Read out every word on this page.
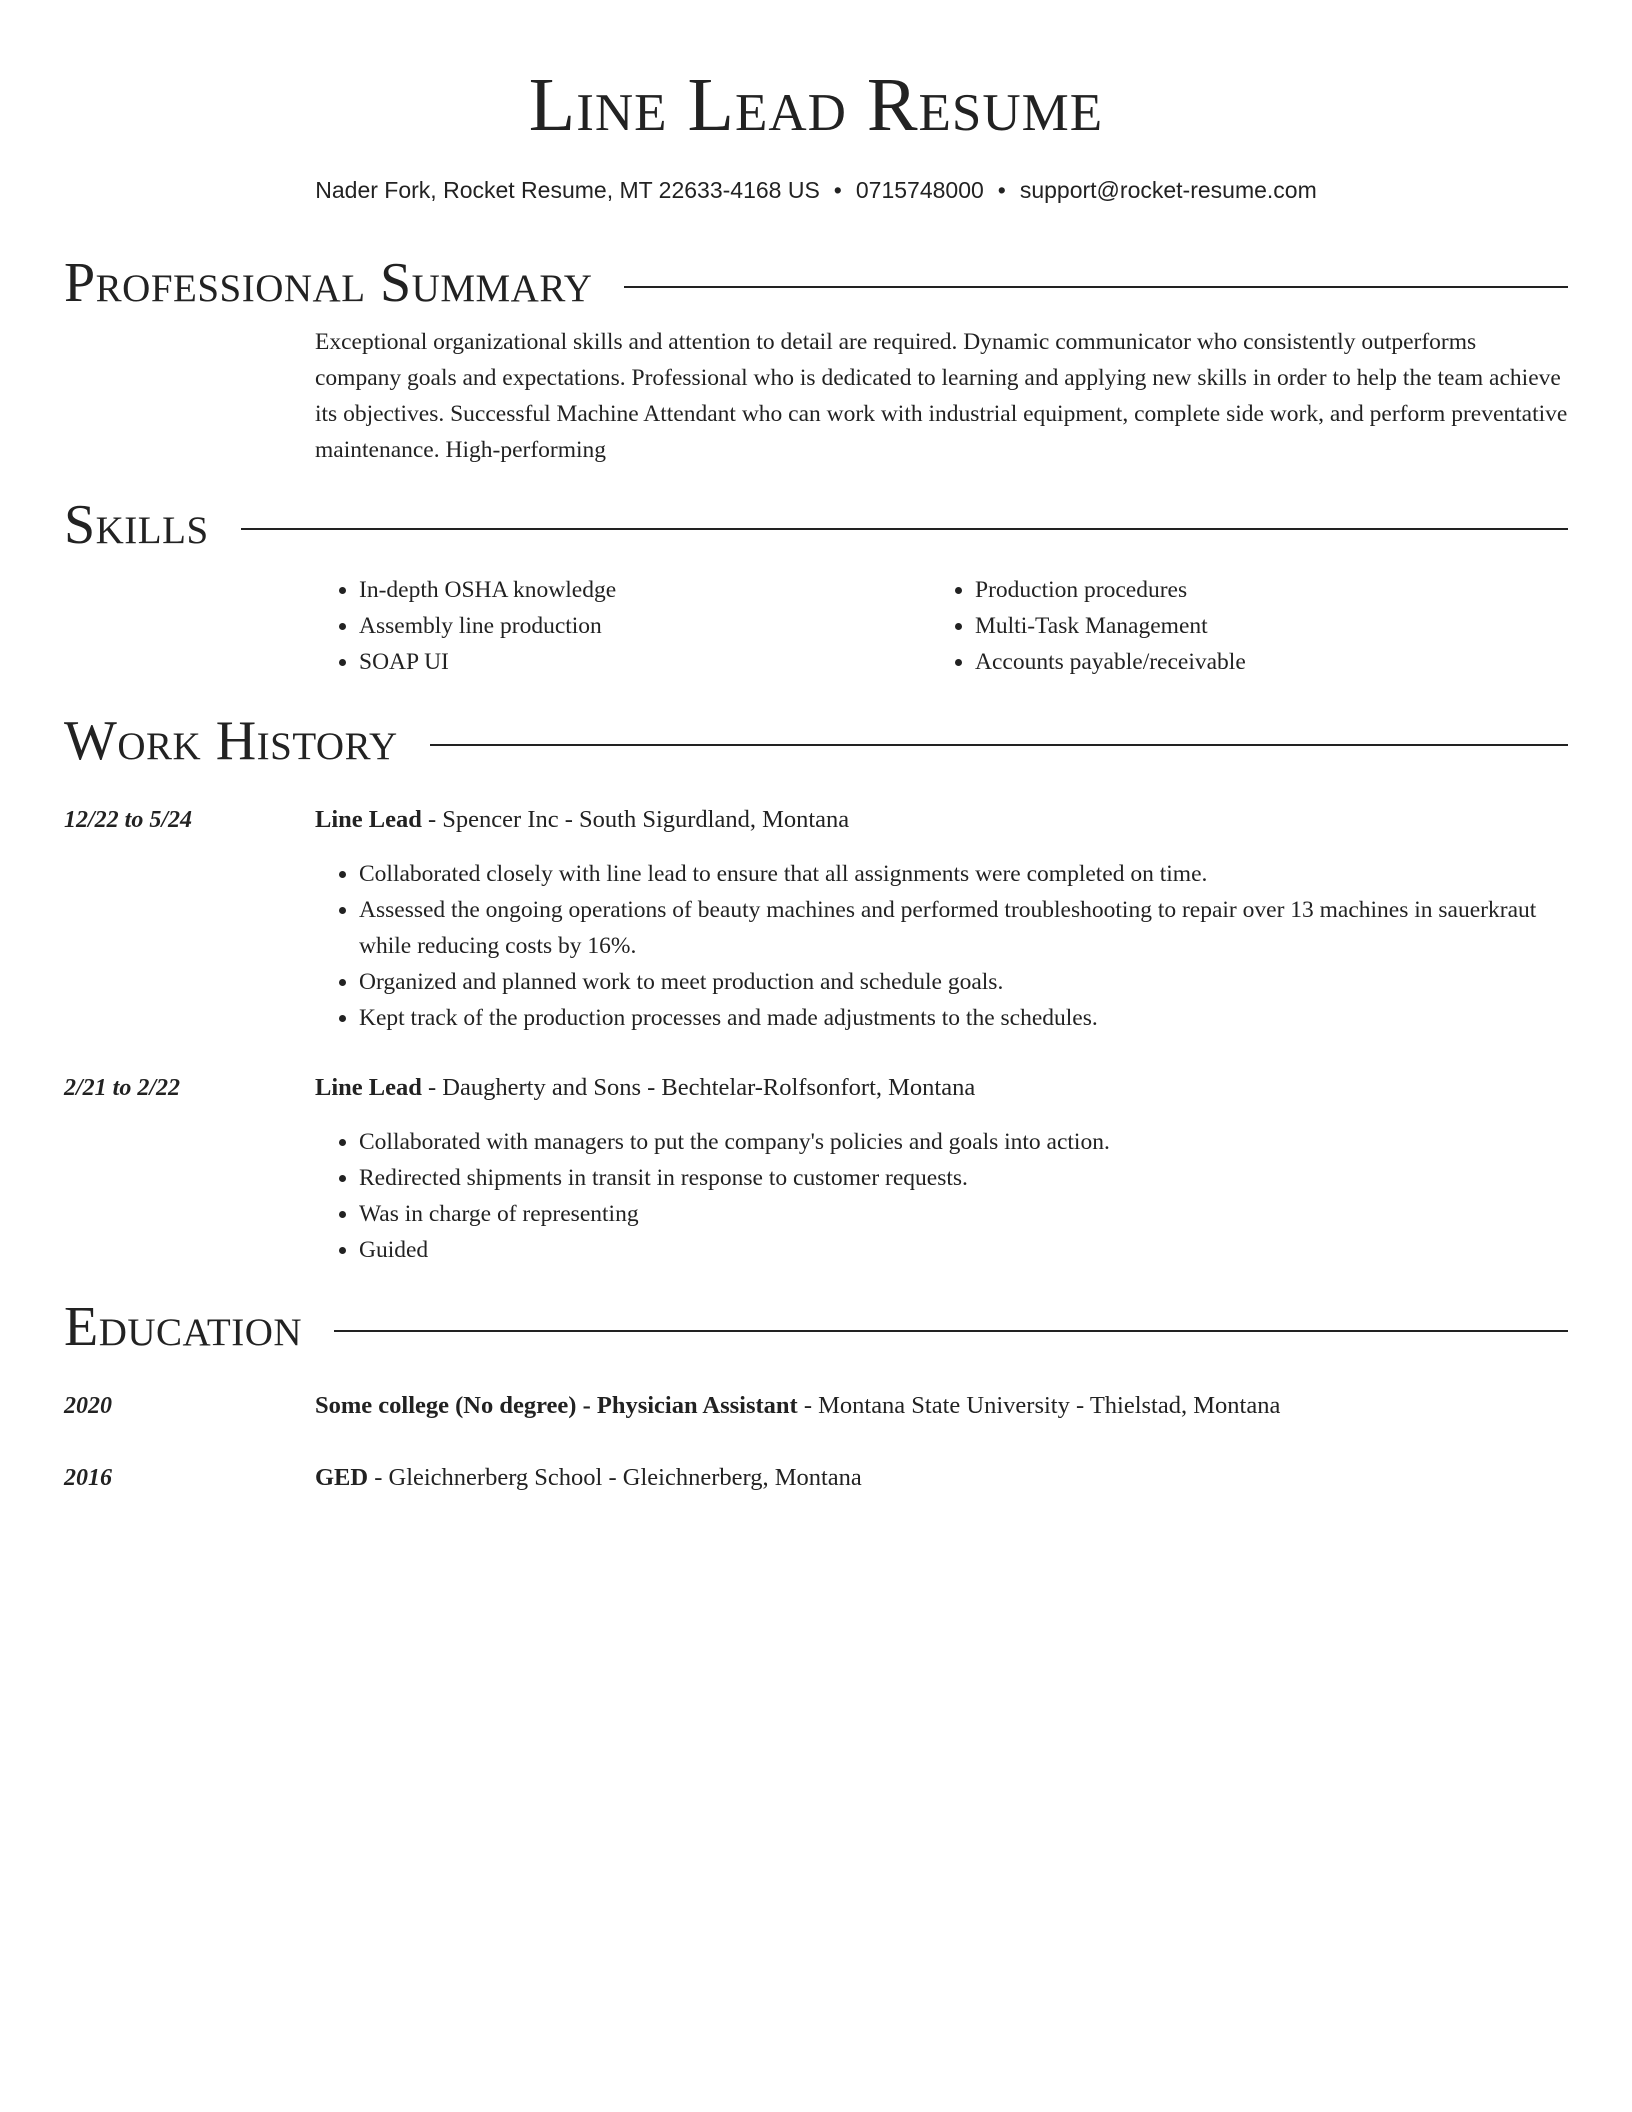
Line Lead Resume
Nader Fork, Rocket Resume, MT 22633-4168 US • 0715748000 • support@rocket-resume.com
Professional Summary
Exceptional organizational skills and attention to detail are required. Dynamic communicator who consistently outperforms company goals and expectations. Professional who is dedicated to learning and applying new skills in order to help the team achieve its objectives. Successful Machine Attendant who can work with industrial equipment, complete side work, and perform preventative maintenance. High-performing
Skills
• In-depth OSHA knowledge
• Assembly line production
• SOAP UI
• Production procedures
• Multi-Task Management
• Accounts payable/receivable
Work History
12/22 to 5/24	Line Lead - Spencer Inc - South Sigurdland, Montana
• Collaborated closely with line lead to ensure that all assignments were completed on time.
• Assessed the ongoing operations of beauty machines and performed troubleshooting to repair over 13 machines in sauerkraut while reducing costs by 16%.
• Organized and planned work to meet production and schedule goals.
• Kept track of the production processes and made adjustments to the schedules.
2/21 to 2/22	Line Lead - Daugherty and Sons - Bechtelar-Rolfsonfort, Montana
• Collaborated with managers to put the company's policies and goals into action.
• Redirected shipments in transit in response to customer requests.
• Was in charge of representing
• Guided
Education
2020	Some college (No degree) - Physician Assistant - Montana State University - Thielstad, Montana
2016	GED - Gleichnerberg School - Gleichnerberg, Montana
